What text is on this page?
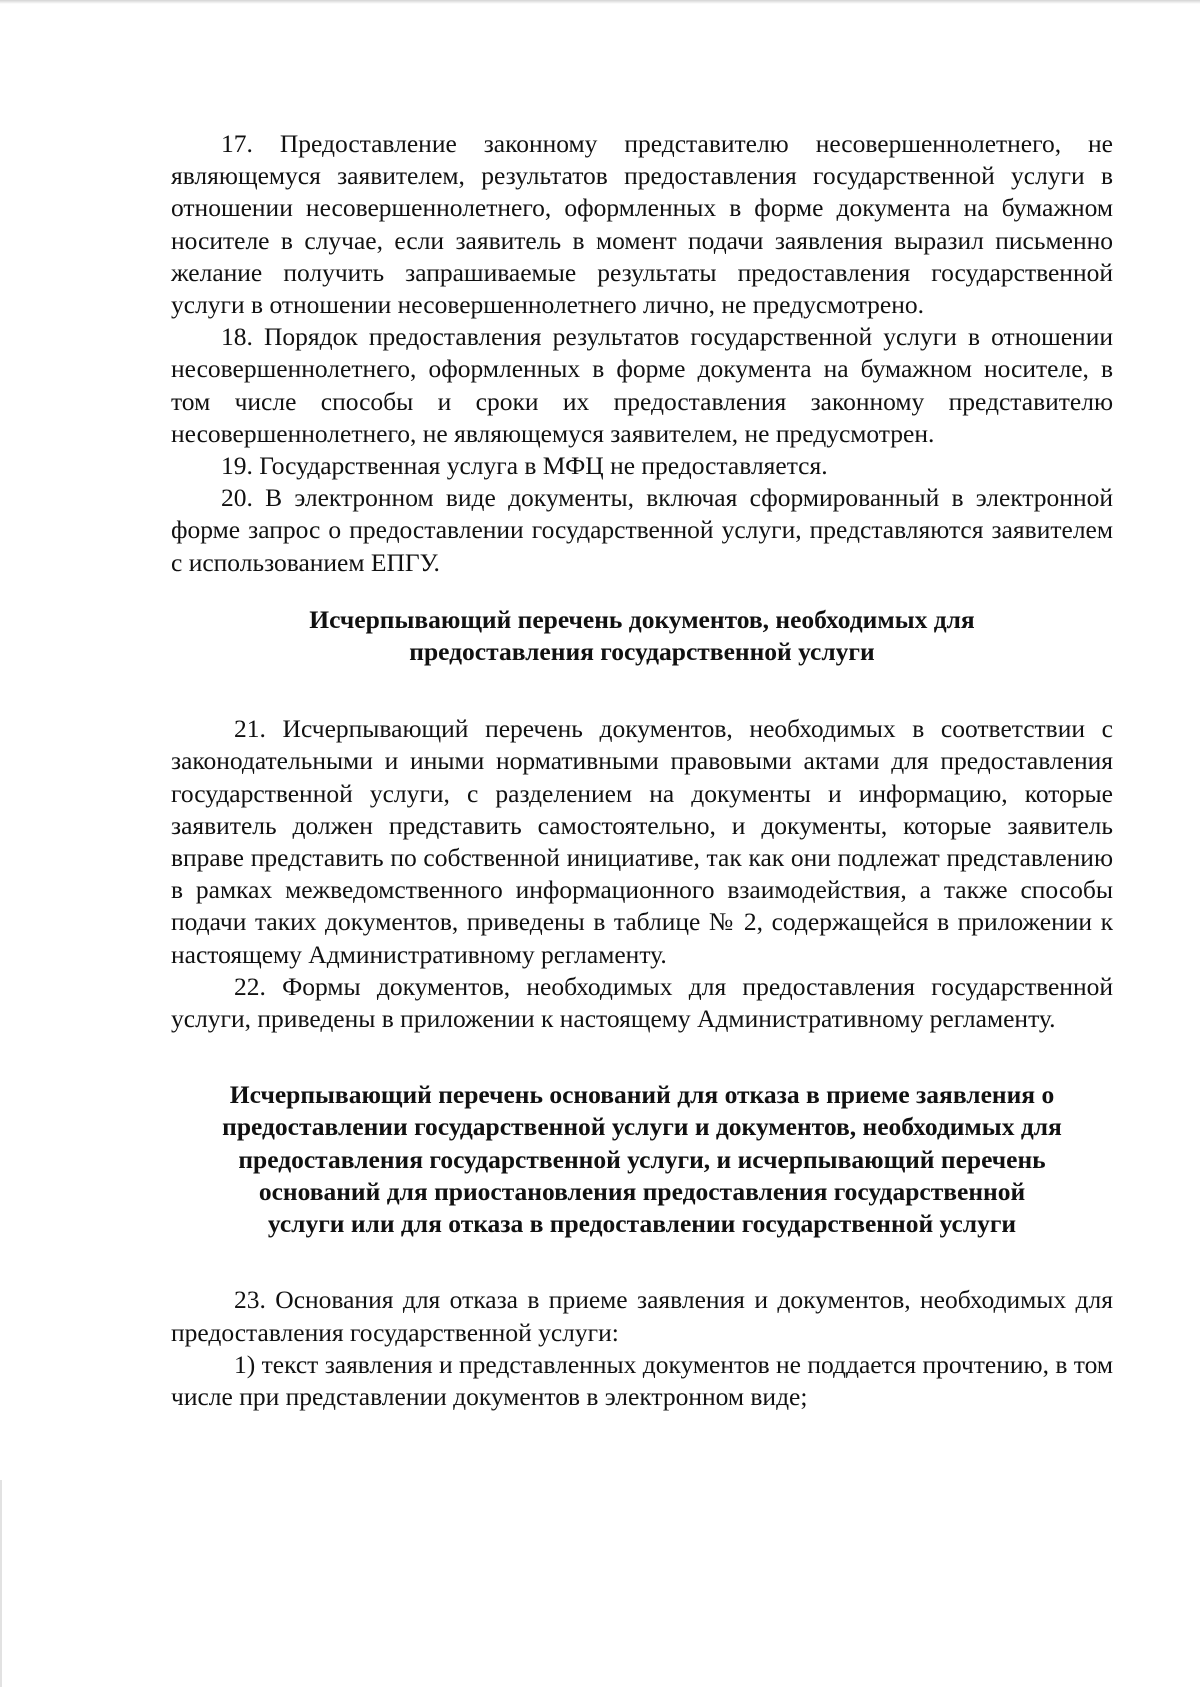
17. Предоставление законному представителю несовершеннолетнего, не являющемуся заявителем, результатов предоставления государственной услуги в отношении несовершеннолетнего, оформленных в форме документа на бумажном носителе в случае, если заявитель в момент подачи заявления выразил письменно желание получить запрашиваемые результаты предоставления государственной услуги в отношении несовершеннолетнего лично, не предусмотрено.

18. Порядок предоставления результатов государственной услуги в отношении несовершеннолетнего, оформленных в форме документа на бумажном носителе, в том числе способы и сроки их предоставления законному представителю несовершеннолетнего, не являющемуся заявителем, не предусмотрен.

19. Государственная услуга в МФЦ не предоставляется.

20. В электронном виде документы, включая сформированный в электронной форме запрос о предоставлении государственной услуги, представляются заявителем с использованием ЕПГУ.

Исчерпывающий перечень документов, необходимых для
предоставления государственной услуги

21. Исчерпывающий перечень документов, необходимых в соответствии с законодательными и иными нормативными правовыми актами для предоставления государственной услуги, с разделением на документы и информацию, которые заявитель должен представить самостоятельно, и документы, которые заявитель вправе представить по собственной инициативе, так как они подлежат представлению в рамках межведомственного информационного взаимодействия, а также способы подачи таких документов, приведены в таблице № 2, содержащейся в приложении к настоящему Административному регламенту.

22. Формы документов, необходимых для предоставления государственной услуги, приведены в приложении к настоящему Административному регламенту.

Исчерпывающий перечень оснований для отказа в приеме заявления о
предоставлении государственной услуги и документов, необходимых для
предоставления государственной услуги, и исчерпывающий перечень
оснований для приостановления предоставления государственной
услуги или для отказа в предоставлении государственной услуги

23. Основания для отказа в приеме заявления и документов, необходимых для предоставления государственной услуги:

1) текст заявления и представленных документов не поддается прочтению, в том числе при представлении документов в электронном виде;
